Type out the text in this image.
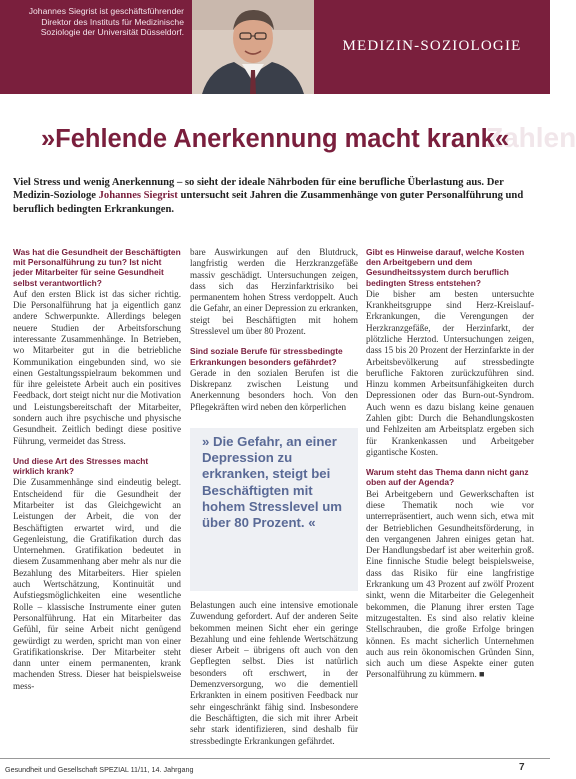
Johannes Siegrist ist geschäftsführender Direktor des Instituts für Medizinische Soziologie der Universität Düsseldorf.
MEDIZIN-SOZIOLOGIE
Zahlen
»Fehlende Anerkennung macht krank«

Viel Stress und wenig Anerkennung – so sieht der ideale Nährboden für eine berufliche Überlastung aus. Der Medizin-Soziologe Johannes Siegrist untersucht seit Jahren die Zusammenhänge von guter Personalführung und beruflich bedingten Erkrankungen.

Was hat die Gesundheit der Beschäftigten mit Personalführung zu tun? Ist nicht jeder Mitarbeiter für seine Gesundheit selbst verantwortlich?

Auf den ersten Blick ist das sicher richtig. Die Personalführung hat ja eigentlich ganz andere Schwerpunkte. Allerdings belegen neuere Studien der Arbeitsforschung interessante Zusammenhänge. In Betrieben, wo Mitarbeiter gut in die betriebliche Kommunikation eingebunden sind, wo sie einen Gestaltungsspielraum bekommen und für ihre geleistete Arbeit auch ein positives Feedback, dort steigt nicht nur die Motivation und Leistungsbereitschaft der Mitarbeiter, sondern auch ihre psychische und physische Gesundheit. Zeitlich bedingt diese positive Führung, vermeidet das Stress.

Und diese Art des Stresses macht wirklich krank?

Die Zusammenhänge sind eindeutig belegt. Entscheidend für die Gesundheit der Mitarbeiter ist das Gleichgewicht an Leistungen der Arbeit, die von der Beschäftigten erwartet wird, und die Gegenleistung, die Gratifikation durch das Unternehmen. Gratifikation bedeutet in diesem Zusammenhang aber mehr als nur die Bezahlung des Mitarbeiters. Hier spielen auch Wertschätzung, Kontinuität und Aufstiegsmöglichkeiten eine wesentliche Rolle – klassische Instrumente einer guten Personalführung. Hat ein Mitarbeiter das Gefühl, für seine Arbeit nicht genügend gewürdigt zu werden, spricht man von einer Gratifikationskrise. Der Mitarbeiter steht dann unter einem permanenten, krank machenden Stress. Dieser hat beispielsweise mess-

bare Auswirkungen auf den Blutdruck, langfristig werden die Herzkranzgefäße massiv geschädigt. Untersuchungen zeigen, dass sich das Herzinfarktrisiko bei permanentem hohen Stress verdoppelt. Auch die Gefahr, an einer Depression zu erkranken, steigt bei Beschäftigten mit hohem Stresslevel um über 80 Prozent.

Sind soziale Berufe für stressbedingte Erkrankungen besonders gefährdet?

Gerade in den sozialen Berufen ist die Diskrepanz zwischen Leistung und Anerkennung besonders hoch. Von den Pflegekräften wird neben den körperlichen

» Die Gefahr, an einer Depression zu erkranken, steigt bei Beschäftigten mit hohem Stresslevel um über 80 Prozent. «

Belastungen auch eine intensive emotionale Zuwendung gefordert. Auf der anderen Seite bekommen meinen Sicht eher ein geringe Bezahlung und eine fehlende Wertschätzung dieser Arbeit – übrigens oft auch von den Gepflegten selbst. Dies ist natürlich besonders oft erschwert, in der Demenzversorgung, wo die dementiell Erkrankten in einem positiven Feedback nur sehr eingeschränkt fähig sind. Insbesondere die Beschäftigten, die sich mit ihrer Arbeit sehr stark identifizieren, sind deshalb für stressbedingte Erkrankungen gefährdet.

Gibt es Hinweise darauf, welche Kosten den Arbeitgebern und dem Gesundheitssystem durch beruflich bedingten Stress entstehen?

Die bisher am besten untersuchte Krankheitsgruppe sind Herz-Kreislauf-Erkrankungen, die Verengungen der Herzkranzgefäße, der Herzinfarkt, der plötzliche Herztod. Untersuchungen zeigen, dass 15 bis 20 Prozent der Herzinfarkte in der Arbeitsbevölkerung auf stressbedingte berufliche Faktoren zurückzuführen sind. Hinzu kommen Arbeitsunfähigkeiten durch Depressionen oder das Burn-out-Syndrom. Auch wenn es dazu bislang keine genauen Zahlen gibt: Durch die Behandlungskosten und Fehlzeiten am Arbeitsplatz ergeben sich für Krankenkassen und Arbeitgeber gigantische Kosten.

Warum steht das Thema dann nicht ganz oben auf der Agenda?

Bei Arbeitgebern und Gewerkschaften ist diese Thematik noch wie vor unterrepräsentiert, auch wenn sich, etwa mit der Betrieblichen Gesundheitsförderung, in den vergangenen Jahren einiges getan hat. Der Handlungsbedarf ist aber weiterhin groß. Eine finnische Studie belegt beispielsweise, dass das Risiko für eine langfristige Erkrankung um 43 Prozent auf zwölf Prozent sinkt, wenn die Mitarbeiter die Gelegenheit bekommen, die Planung ihrer ersten Tage mitzugestalten. Es sind also relativ kleine Stellschrauben, die große Erfolge bringen können. Es macht sicherlich Unternehmen auch aus rein ökonomischen Gründen Sinn, sich auch um diese Aspekte einer guten Personalführung zu kümmern. ■

Gesundheit und Gesellschaft SPEZIAL 11/11, 14. Jahrgang	7
